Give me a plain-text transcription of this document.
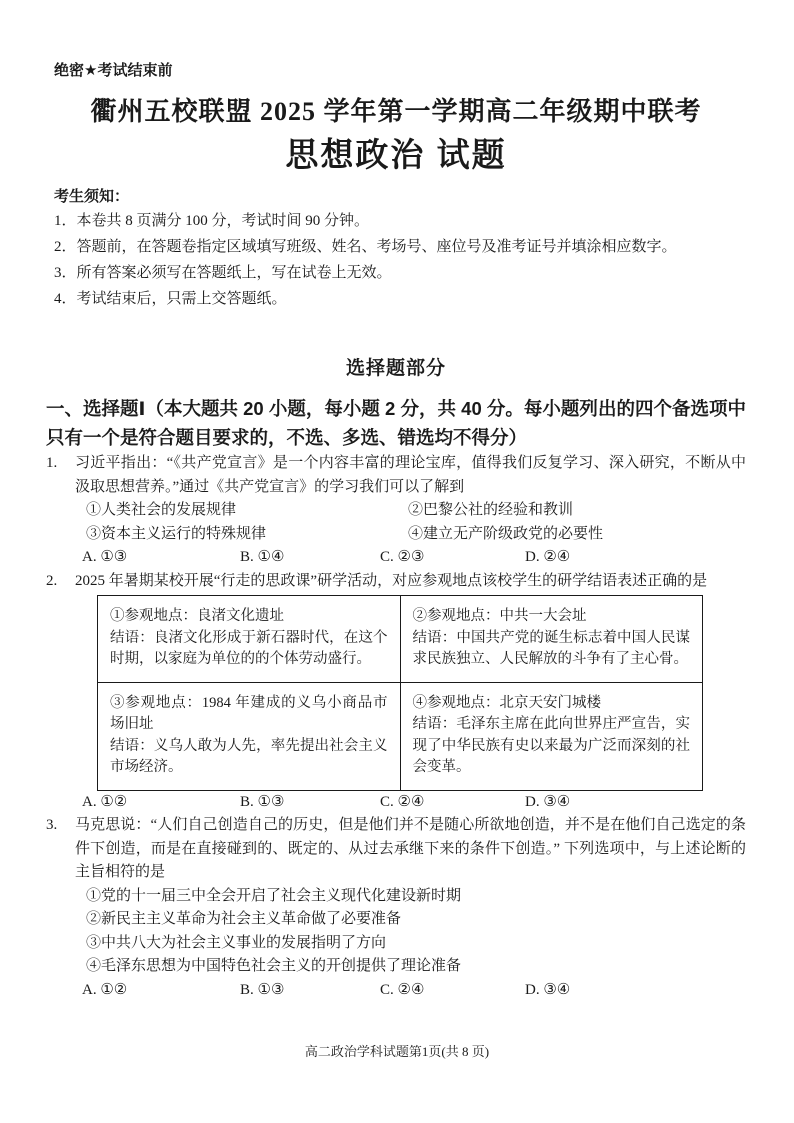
绝密★考试结束前
衢州五校联盟 2025 学年第一学期高二年级期中联考
思想政治 试题
考生须知：
1．本卷共 8 页满分 100 分，考试时间 90 分钟。
2．答题前，在答题卷指定区域填写班级、姓名、考场号、座位号及准考证号并填涂相应数字。
3．所有答案必须写在答题纸上，写在试卷上无效。
4．考试结束后，只需上交答题纸。
选择题部分
一、选择题Ⅰ（本大题共 20 小题，每小题 2 分，共 40 分。每小题列出的四个备选项中只有一个是符合题目要求的，不选、多选、错选均不得分）
1. 习近平指出：“《共产党宣言》是一个内容丰富的理论宝库，值得我们反复学习、深入研究，不断从中汲取思想营养。”通过《共产党宣言》的学习我们可以了解到
①人类社会的发展规律	②巴黎公社的经验和教训
③资本主义运行的特殊规律	④建立无产阶级政党的必要性
A. ①③	B. ①④	C. ②③	D. ②④
2. 2025 年暑期某校开展“行走的思政课”研学活动，对应参观地点该校学生的研学结语表述正确的是
①参观地点：良渚文化遗址
结语：良渚文化形成于新石器时代，在这个时期，以家庭为单位的的个体劳动盛行。

②参观地点：中共一大会址
结语：中国共产党的诞生标志着中国人民谋求民族独立、人民解放的斗争有了主心骨。

③参观地点：1984 年建成的义乌小商品市场旧址
结语：义乌人敢为人先，率先提出社会主义市场经济。

④参观地点：北京天安门城楼
结语：毛泽东主席在此向世界庄严宣告，实现了中华民族有史以来最为广泛而深刻的社会变革。
A. ①②	B. ①③	C. ②④	D. ③④
3. 马克思说：“人们自己创造自己的历史，但是他们并不是随心所欲地创造，并不是在他们自己选定的条件下创造，而是在直接碰到的、既定的、从过去承继下来的条件下创造。” 下列选项中，与上述论断的主旨相符的是
①党的十一届三中全会开启了社会主义现代化建设新时期
②新民主主义革命为社会主义革命做了必要准备
③中共八大为社会主义事业的发展指明了方向
④毛泽东思想为中国特色社会主义的开创提供了理论准备
A. ①②	B. ①③	C. ②④	D. ③④
高二政治学科试题第1页(共 8 页)
